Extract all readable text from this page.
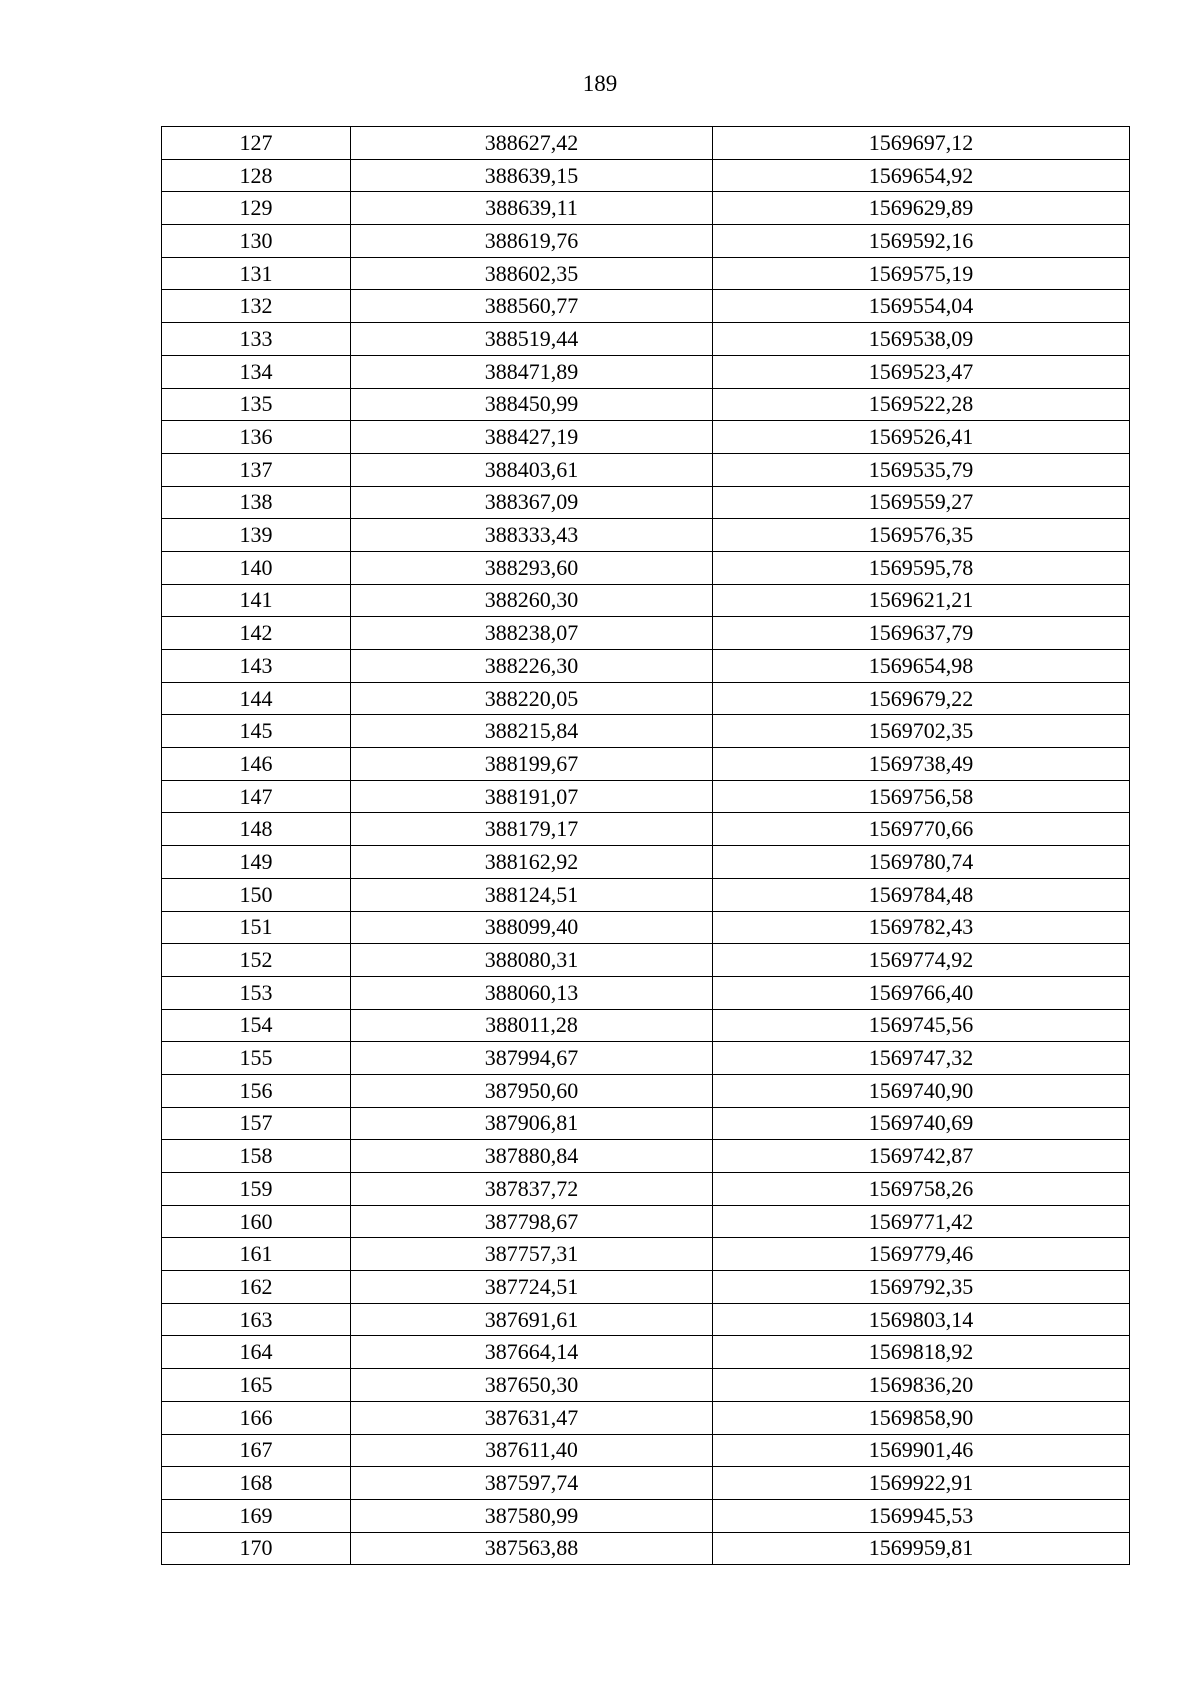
189
127	388627,42	1569697,12
128	388639,15	1569654,92
129	388639,11	1569629,89
130	388619,76	1569592,16
131	388602,35	1569575,19
132	388560,77	1569554,04
133	388519,44	1569538,09
134	388471,89	1569523,47
135	388450,99	1569522,28
136	388427,19	1569526,41
137	388403,61	1569535,79
138	388367,09	1569559,27
139	388333,43	1569576,35
140	388293,60	1569595,78
141	388260,30	1569621,21
142	388238,07	1569637,79
143	388226,30	1569654,98
144	388220,05	1569679,22
145	388215,84	1569702,35
146	388199,67	1569738,49
147	388191,07	1569756,58
148	388179,17	1569770,66
149	388162,92	1569780,74
150	388124,51	1569784,48
151	388099,40	1569782,43
152	388080,31	1569774,92
153	388060,13	1569766,40
154	388011,28	1569745,56
155	387994,67	1569747,32
156	387950,60	1569740,90
157	387906,81	1569740,69
158	387880,84	1569742,87
159	387837,72	1569758,26
160	387798,67	1569771,42
161	387757,31	1569779,46
162	387724,51	1569792,35
163	387691,61	1569803,14
164	387664,14	1569818,92
165	387650,30	1569836,20
166	387631,47	1569858,90
167	387611,40	1569901,46
168	387597,74	1569922,91
169	387580,99	1569945,53
170	387563,88	1569959,81
